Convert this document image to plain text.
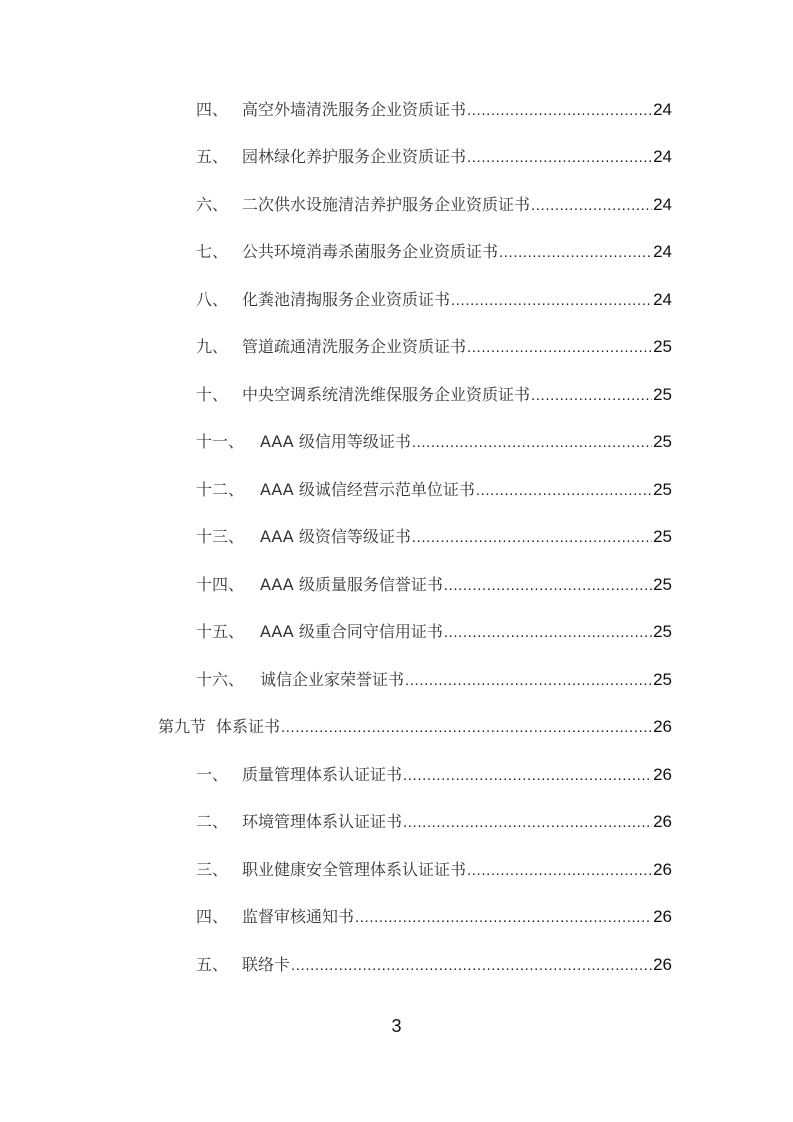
四、 高空外墙清洗服务企业资质证书 .....	24
五、 园林绿化养护服务企业资质证书 .....	24
六、 二次供水设施清洁养护服务企业资质证书 .....	24
七、 公共环境消毒杀菌服务企业资质证书 .....	24
八、 化粪池清掏服务企业资质证书 .....	24
九、 管道疏通清洗服务企业资质证书 .....	25
十、 中央空调系统清洗维保服务企业资质证书 .....	25
十一、 AAA 级信用等级证书 .....	25
十二、 AAA 级诚信经营示范单位证书 .....	25
十三、 AAA 级资信等级证书 .....	25
十四、 AAA 级质量服务信誉证书 .....	25
十五、 AAA 级重合同守信用证书 .....	25
十六、 诚信企业家荣誉证书 .....	25
第九节 体系证书 .....	26
一、 质量管理体系认证证书 .....	26
二、 环境管理体系认证证书 .....	26
三、 职业健康安全管理体系认证证书 .....	26
四、 监督审核通知书 .....	26
五、 联络卡 .....	26
3
